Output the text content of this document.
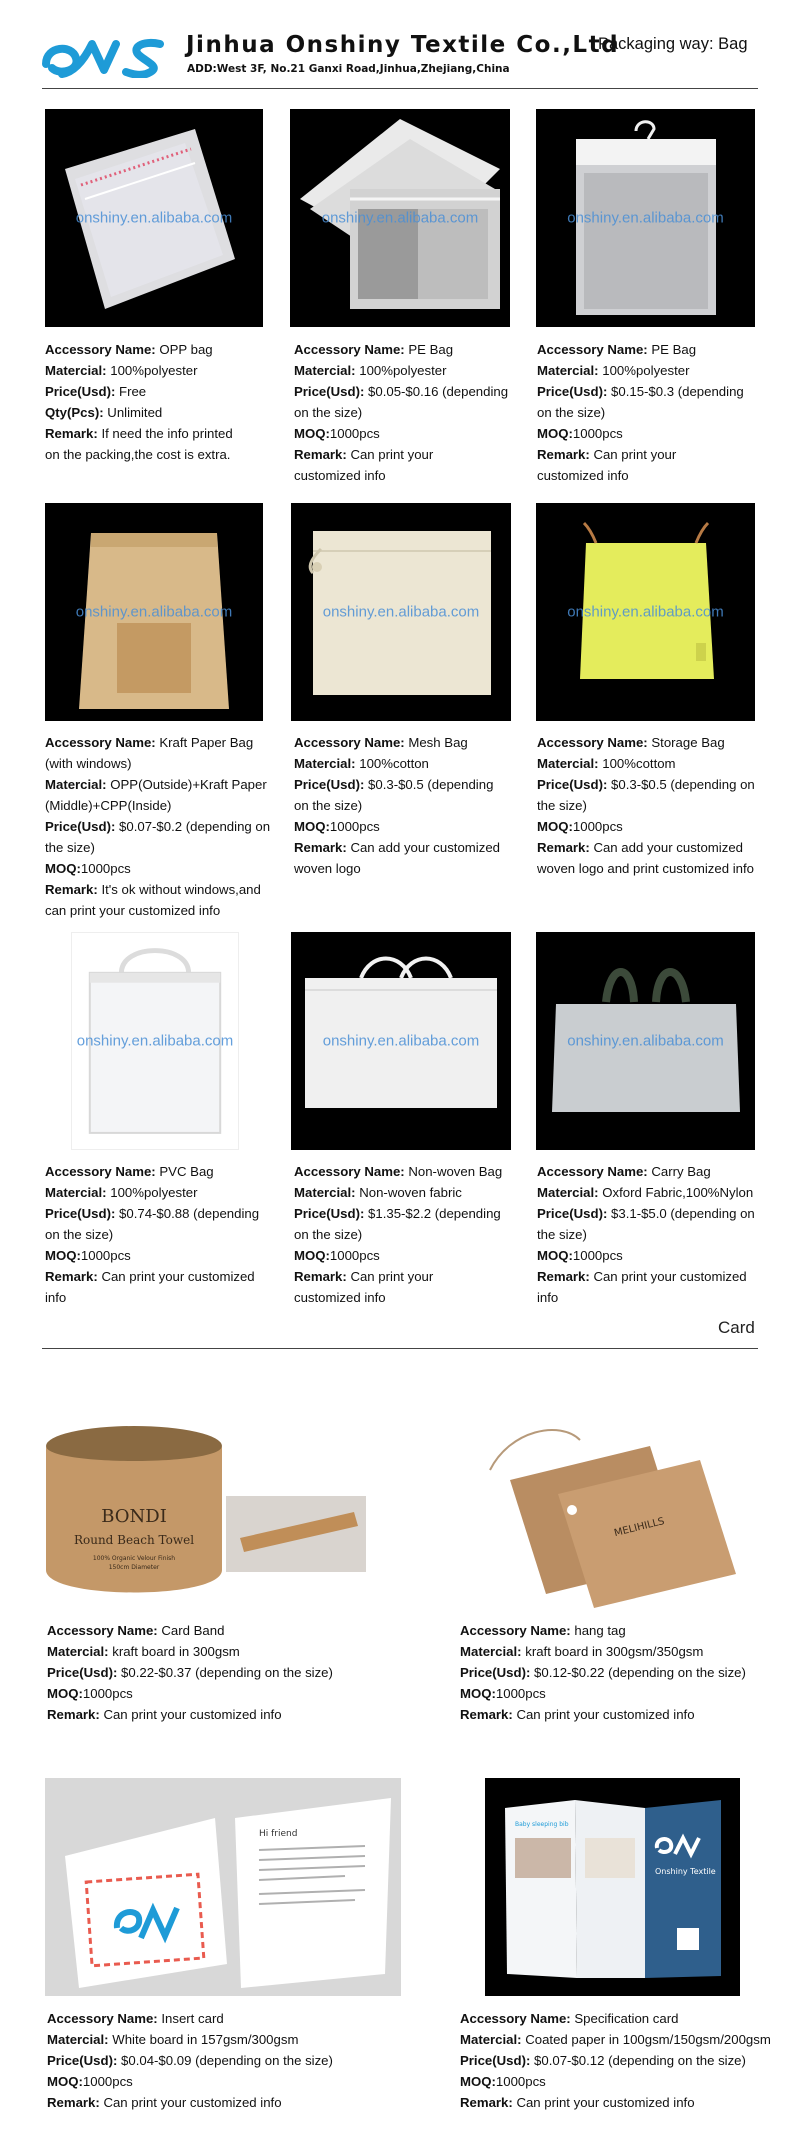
Jinhua Onshiny Textile Co.,Ltd
ADD:West 3F, No.21 Ganxi Road,Jinhua,Zhejiang,China
Packaging way: Bag
onshiny.en.alibaba.com	onshiny.en.alibaba.com	onshiny.en.alibaba.com
Accessory Name: OPP bag
Matercial: 100%polyester
Price(Usd): Free
Qty(Pcs): Unlimited
Remark: If need the info printed
on the packing,the cost is extra.
Accessory Name: PE Bag
Matercial: 100%polyester
Price(Usd): $0.05-$0.16 (depending
on the size)
MOQ:1000pcs
Remark: Can print your
customized info
Accessory Name: PE Bag
Matercial: 100%polyester
Price(Usd): $0.15-$0.3 (depending
on the size)
MOQ:1000pcs
Remark: Can print your
customized info
onshiny.en.alibaba.com	onshiny.en.alibaba.com	onshiny.en.alibaba.com
Accessory Name: Kraft Paper Bag
(with windows)
Matercial: OPP(Outside)+Kraft Paper
(Middle)+CPP(Inside)
Price(Usd): $0.07-$0.2 (depending on
the size)
MOQ:1000pcs
Remark: It's ok without windows,and
can print your customized info
Accessory Name: Mesh Bag
Matercial: 100%cotton
Price(Usd): $0.3-$0.5 (depending
on the size)
MOQ:1000pcs
Remark: Can add your customized
woven logo
Accessory Name: Storage Bag
Matercial: 100%cottom
Price(Usd): $0.3-$0.5 (depending on
the size)
MOQ:1000pcs
Remark: Can add your customized
woven logo and print customized info
onshiny.en.alibaba.com	onshiny.en.alibaba.com	onshiny.en.alibaba.com
Accessory Name: PVC Bag
Matercial: 100%polyester
Price(Usd): $0.74-$0.88 (depending
on the size)
MOQ:1000pcs
Remark: Can print your customized
info
Accessory Name: Non-woven Bag
Matercial: Non-woven fabric
Price(Usd): $1.35-$2.2 (depending
on the size)
MOQ:1000pcs
Remark: Can print your
customized info
Accessory Name: Carry Bag
Matercial: Oxford Fabric,100%Nylon
Price(Usd): $3.1-$5.0 (depending on
the size)
MOQ:1000pcs
Remark: Can print your customized
info
Card
BONDI
Round Beach Towel
100% Organic Velour Finish
150cm Diameter
MELIHILLS
Accessory Name: Card Band
Matercial: kraft board in 300gsm
Price(Usd): $0.22-$0.37 (depending on the size)
MOQ:1000pcs
Remark: Can print your customized info
Accessory Name: hang tag
Matercial: kraft board in 300gsm/350gsm
Price(Usd): $0.12-$0.22 (depending on the size)
MOQ:1000pcs
Remark: Can print your customized info
Hi friend
Baby sleeping bib
Onshiny Textile
Accessory Name: Insert card
Matercial: White board in 157gsm/300gsm
Price(Usd): $0.04-$0.09 (depending on the size)
MOQ:1000pcs
Remark: Can print your customized info
Accessory Name: Specification card
Matercial: Coated paper in 100gsm/150gsm/200gsm
Price(Usd): $0.07-$0.12 (depending on the size)
MOQ:1000pcs
Remark: Can print your customized info
